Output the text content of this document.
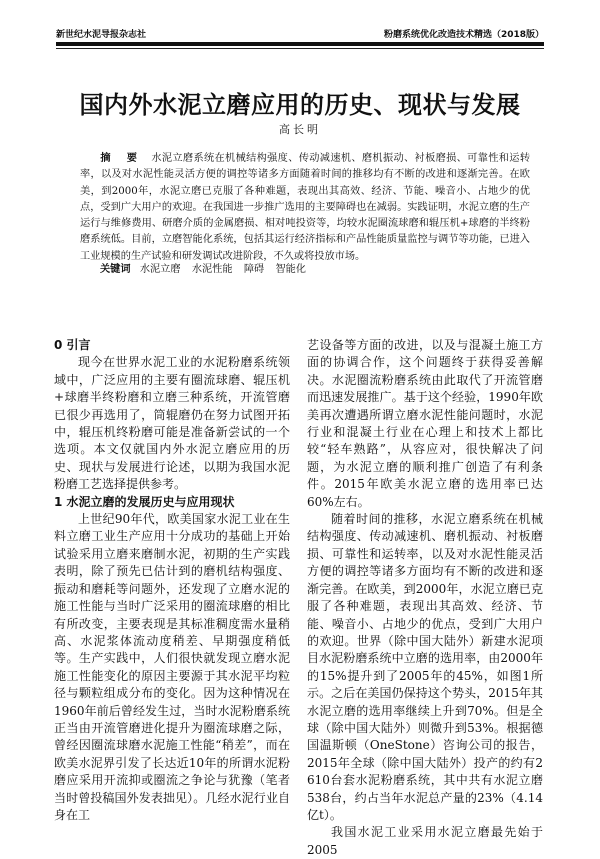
新世纪水泥导报杂志社	粉磨系统优化改造技术精选（2018版）
国内外水泥立磨应用的历史、现状与发展
高长明
摘 要 水泥立磨系统在机械结构强度、传动减速机、磨机振动、衬板磨损、可靠性和运转率，以及对水泥性能灵活方便的调控等诸多方面随着时间的推移均有不断的改进和逐渐完善。在欧美，到2000年，水泥立磨已克服了各种难题，表现出其高效、经济、节能、噪音小、占地少的优点，受到广大用户的欢迎。在我国进一步推广选用的主要障碍也在减弱。实践证明，水泥立磨的生产运行与维修费用、研磨介质的金属磨损、相对吨投资等，均较水泥圈流球磨和辊压机+球磨的半终粉磨系统低。目前，立磨智能化系统，包括其运行经济指标和产品性能质量监控与调节等功能，已进入工业规模的生产试验和研发调试改进阶段，不久或将投放市场。
关键词 水泥立磨 水泥性能 障碍 智能化
0 引言

现今在世界水泥工业的水泥粉磨系统领域中，广泛应用的主要有圈流球磨、辊压机+球磨半终粉磨和立磨三种系统，开流管磨已很少再选用了，筒辊磨仍在努力试图开拓中，辊压机终粉磨可能是准备新尝试的一个选项。本文仅就国内外水泥立磨应用的历史、现状与发展进行论述，以期为我国水泥粉磨工艺选择提供参考。

1 水泥立磨的发展历史与应用现状

上世纪90年代，欧美国家水泥工业在生料立磨工业生产应用十分成功的基础上开始试验采用立磨来磨制水泥，初期的生产实践表明，除了预先已估计到的磨机结构强度、振动和磨耗等问题外，还发现了立磨水泥的施工性能与当时广泛采用的圈流球磨的相比有所改变，主要表现是其标准稠度需水量稍高、水泥浆体流动度稍差、早期强度稍低等。生产实践中，人们很快就发现立磨水泥施工性能变化的原因主要源于其水泥平均粒径与颗粒组成分布的变化。因为这种情况在1960年前后曾经发生过，当时水泥粉磨系统正当由开流管磨进化提升为圈流球磨之际，曾经因圈流球磨水泥施工性能“稍差”，而在欧美水泥界引发了长达近10年的所谓水泥粉磨应采用开流抑或圈流之争论与犹豫（笔者当时曾投稿国外发表拙见）。几经水泥行业自身在工

艺设备等方面的改进，以及与混凝土施工方面的协调合作，这个问题终于获得妥善解决。水泥圈流粉磨系统由此取代了开流管磨而迅速发展推广。基于这个经验，1990年欧美再次遭遇所谓立磨水泥性能问题时，水泥行业和混凝土行业在心理上和技术上都比较“轻车熟路”，从容应对，很快解决了问题，为水泥立磨的顺利推广创造了有利条件。2015年欧美水泥立磨的选用率已达60%左右。

随着时间的推移，水泥立磨系统在机械结构强度、传动减速机、磨机振动、衬板磨损、可靠性和运转率，以及对水泥性能灵活方便的调控等诸多方面均有不断的改进和逐渐完善。在欧美，到2000年，水泥立磨已克服了各种难题，表现出其高效、经济、节能、噪音小、占地少的优点，受到广大用户的欢迎。世界（除中国大陆外）新建水泥项目水泥粉磨系统中立磨的选用率，由2000年的15%提升到了2005年的45%，如图1所示。之后在美国仍保持这个势头，2015年其水泥立磨的选用率继续上升到70%。但是全球（除中国大陆外）则微升到53%。根据德国温斯顿（OneStone）咨询公司的报告，2015年全球（除中国大陆外）投产的约有2 610台套水泥粉磨系统，其中共有水泥立磨538台，约占当年水泥总产量的23%（4.14亿t）。

我国水泥工业采用水泥立磨最先始于2005
